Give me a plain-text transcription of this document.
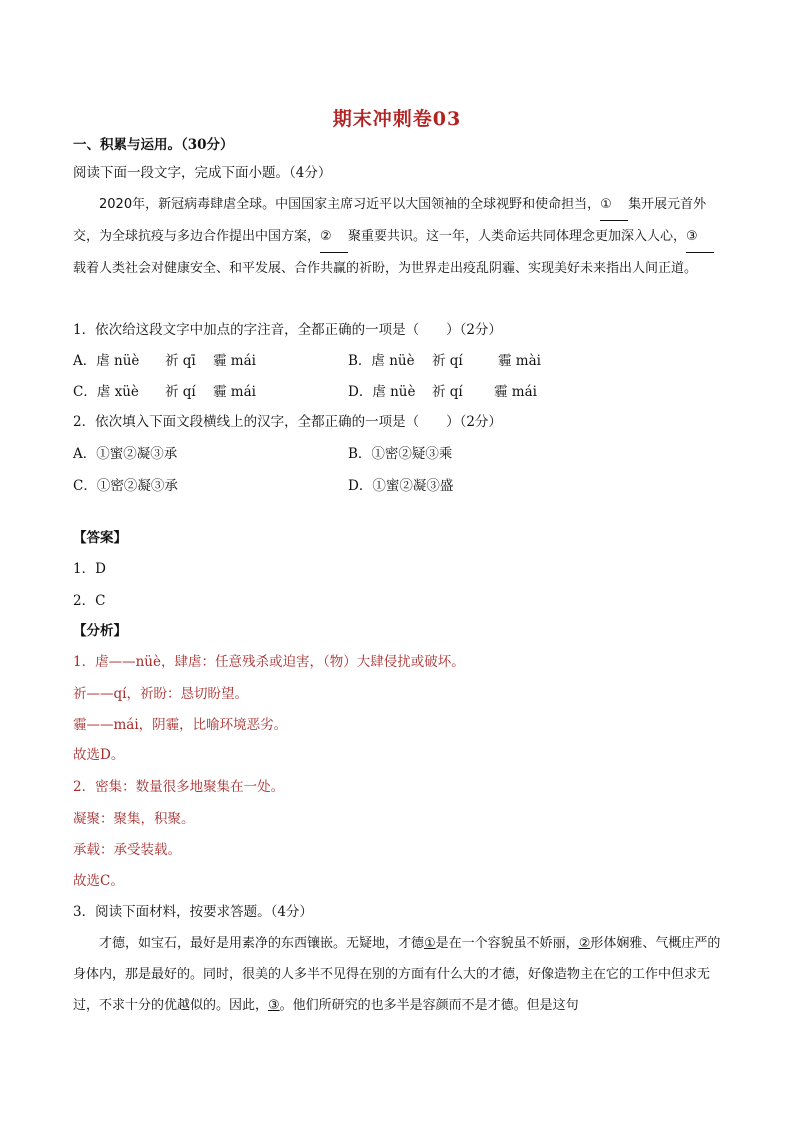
期末冲刺卷03
一、积累与运用。（30分）
阅读下面一段文字，完成下面小题。（4分）
2020年，新冠病毒肆虐全球。中国国家主席习近平以大国领袖的全球视野和使命担当，① 集开展元首外交，为全球抗疫与多边合作提出中国方案，② 聚重要共识。这一年，人类命运共同体理念更加深入人心，③载着人类社会对健康安全、和平发展、合作共赢的祈盼，为世界走出疫乱阴霾、实现美好未来指出人间正道。
1．依次给这段文字中加点的字注音，全都正确的一项是（　　）（2分）
A．虐 nüè 祈 qī 霾 mái	B．虐 nüè 祈 qí	霾 mài
C．虐 xüè 祈 qí 霾 mái	D．虐 nüè 祈 qí 霾 mái
2．依次填入下面文段横线上的汉字，全都正确的一项是（　　）（2分）
A．①蜜②凝③承	B．①密②疑③乘
C．①密②凝③承	D．①蜜②凝③盛
【答案】
1．D
2．C
【分析】
1．虐——nüè，肆虐：任意残杀或迫害，（物）大肆侵扰或破坏。
祈——qí，祈盼：恳切盼望。
霾——mái，阴霾，比喻环境恶劣。
故选D。
2．密集：数量很多地聚集在一处。
凝聚：聚集，积聚。
承载：承受装载。
故选C。
3．阅读下面材料，按要求答题。（4分）
才德，如宝石，最好是用素净的东西镶嵌。无疑地，才德①是在一个容貌虽不娇丽，②形体娴雅、气概庄严的身体内，那是最好的。同时，很美的人多半不见得在别的方面有什么大的才德，好像造物主在它的工作中但求无过，不求十分的优越似的。因此，③。他们所研究的也多半是容颜而不是才德。但是这句
